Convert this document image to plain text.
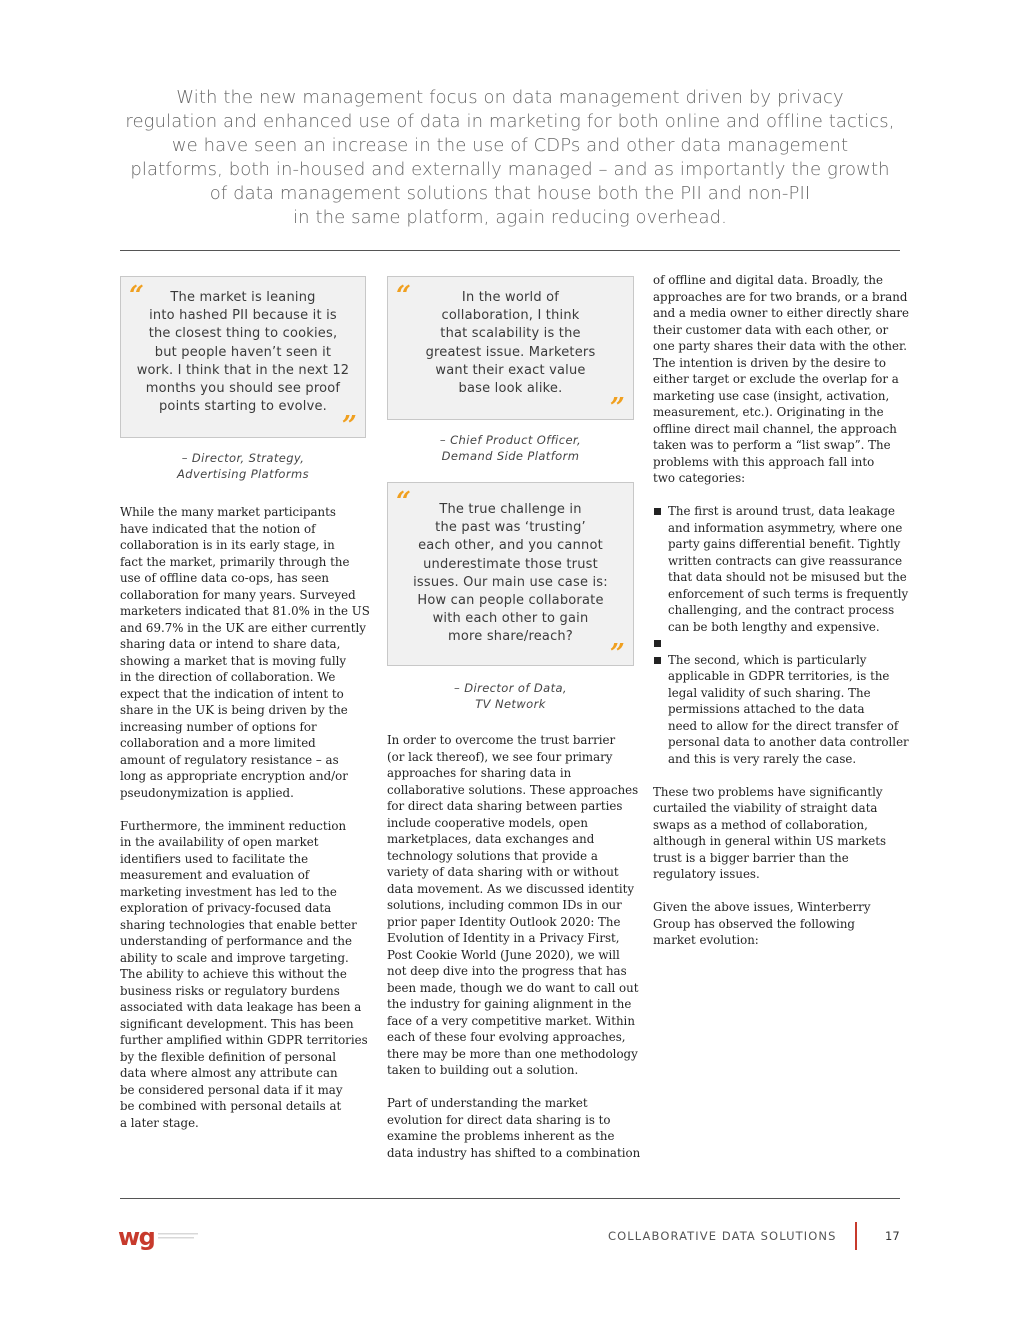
With the new management focus on data management driven by privacy
regulation and enhanced use of data in marketing for both online and offline tactics,
we have seen an increase in the use of CDPs and other data management
platforms, both in-housed and externally managed – and as importantly the growth
of data management solutions that house both the PII and non-PII
in the same platform, again reducing overhead.
“	The market is leaning
into hashed PII because it is
the closest thing to cookies,
but people haven’t seen it
work. I think that in the next 12
months you should see proof
points starting to evolve.
”
– Director, Strategy,
Advertising Platforms
While the many market participants
have indicated that the notion of
collaboration is in its early stage, in
fact the market, primarily through the
use of offline data co-ops, has seen
collaboration for many years. Surveyed
marketers indicated that 81.0% in the US
and 69.7% in the UK are either currently
sharing data or intend to share data,
showing a market that is moving fully
in the direction of collaboration. We
expect that the indication of intent to
share in the UK is being driven by the
increasing number of options for
collaboration and a more limited
amount of regulatory resistance – as
long as appropriate encryption and/or
pseudonymization is applied.
Furthermore, the imminent reduction
in the availability of open market
identifiers used to facilitate the
measurement and evaluation of
marketing investment has led to the
exploration of privacy-focused data
sharing technologies that enable better
understanding of performance and the
ability to scale and improve targeting.
The ability to achieve this without the
business risks or regulatory burdens
associated with data leakage has been a
significant development. This has been
further amplified within GDPR territories
by the flexible definition of personal
data where almost any attribute can
be considered personal data if it may
be combined with personal details at
a later stage.
“	In the world of
collaboration, I think
that scalability is the
greatest issue. Marketers
want their exact value
base look alike.
”
– Chief Product Officer,
Demand Side Platform
“	The true challenge in
the past was ‘trusting’
each other, and you cannot
underestimate those trust
issues. Our main use case is:
How can people collaborate
with each other to gain
more share/reach?
”
– Director of Data,
TV Network
In order to overcome the trust barrier
(or lack thereof), we see four primary
approaches for sharing data in
collaborative solutions. These approaches
for direct data sharing between parties
include cooperative models, open
marketplaces, data exchanges and
technology solutions that provide a
variety of data sharing with or without
data movement. As we discussed identity
solutions, including common IDs in our
prior paper Identity Outlook 2020: The
Evolution of Identity in a Privacy First,
Post Cookie World (June 2020), we will
not deep dive into the progress that has
been made, though we do want to call out
the industry for gaining alignment in the
face of a very competitive market. Within
each of these four evolving approaches,
there may be more than one methodology
taken to building out a solution.
Part of understanding the market
evolution for direct data sharing is to
examine the problems inherent as the
data industry has shifted to a combination
of offline and digital data. Broadly, the
approaches are for two brands, or a brand
and a media owner to either directly share
their customer data with each other, or
one party shares their data with the other.
The intention is driven by the desire to
either target or exclude the overlap for a
marketing use case (insight, activation,
measurement, etc.). Originating in the
offline direct mail channel, the approach
taken was to perform a “list swap”. The
problems with this approach fall into
two categories:
The first is around trust, data leakage
and information asymmetry, where one
party gains differential benefit. Tightly
written contracts can give reassurance
that data should not be misused but the
enforcement of such terms is frequently
challenging, and the contract process
can be both lengthy and expensive.
The second, which is particularly
applicable in GDPR territories, is the
legal validity of such sharing. The
permissions attached to the data
need to allow for the direct transfer of
personal data to another data controller
and this is very rarely the case.
These two problems have significantly
curtailed the viability of straight data
swaps as a method of collaboration,
although in general within US markets
trust is a bigger barrier than the
regulatory issues.
Given the above issues, Winterberry
Group has observed the following
market evolution:
wg	COLLABORATIVE DATA SOLUTIONS	17
